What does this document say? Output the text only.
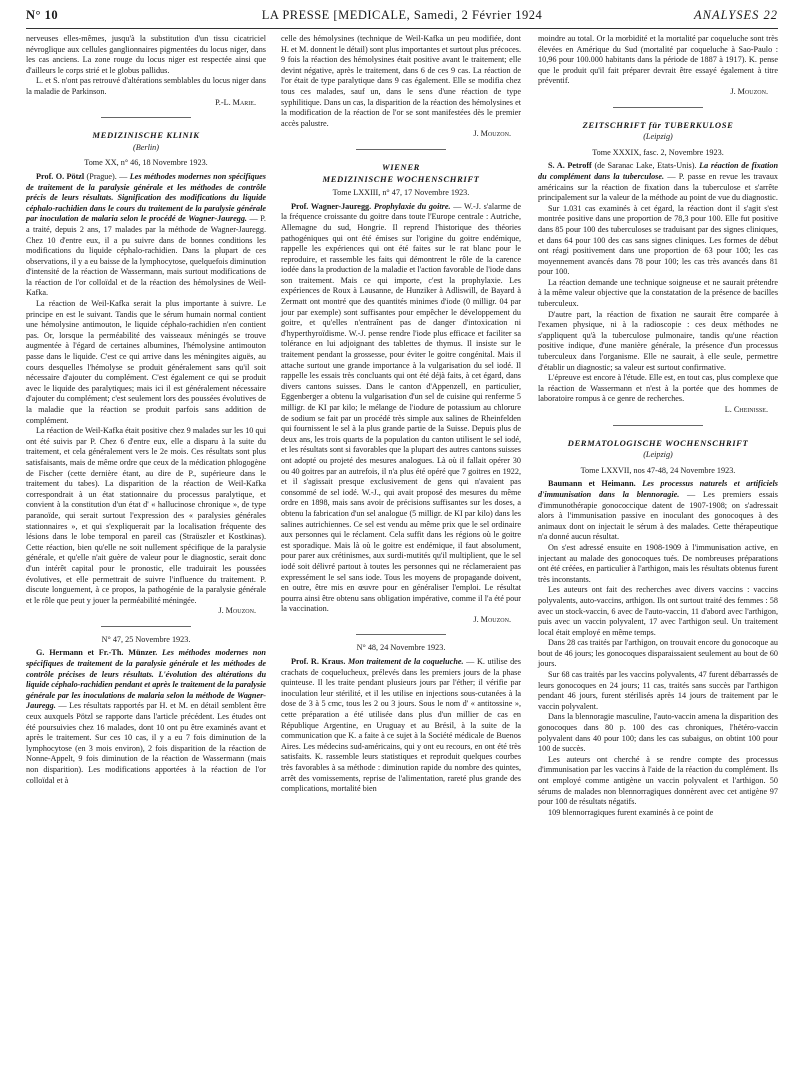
N° 10	LA PRESSE [MEDICALE, Samedi, 2 Février 1924	ANALYSES 22

nerveuses elles-mêmes, jusqu'à la substitution d'un tissu cicatriciel névroglique aux cellules ganglionnaires pigmentées du locus niger, dans les cas anciens. La zone rouge du locus niger est respectée ainsi que d'ailleurs le corps strié et le globus pallidus.

L. et S. n'ont pas retrouvé d'altérations semblables du locus niger dans la maladie de Parkinson.

P.-L. Marie.
MEDIZINISCHE KLINIK
(Berlin)
Tome XX, n° 46, 18 Novembre 1923.

Prof. O. Pötzl (Prague). — Les méthodes modernes non spécifiques de traitement de la paralysie générale et les méthodes de contrôle précis de leurs résultats. Signification des modifications du liquide céphalo-rachidien dans le cours du traitement de la paralysie générale par inoculation de malaria selon le procédé de Wagner-Jauregg. — P. a traité, depuis 2 ans, 17 malades par la méthode de Wagner-Jauregg. Chez 10 d'entre eux, il a pu suivre dans de bonnes conditions les modifications du liquide céphalo-rachidien. Dans la plupart de ces observations, il y a eu baisse de la lymphocytose, quelquefois diminution d'intensité de la réaction de Wassermann, mais surtout modifications de la réaction de l'or colloïdal et de la réaction des hémolysines de Weil-Kafka.

La réaction de Weil-Kafka serait la plus importante à suivre. Le principe en est le suivant. Tandis que le sérum humain normal contient une hémolysine antimouton, le liquide céphalo-rachidien n'en contient pas. Or, lorsque la perméabilité des vaisseaux méningés se trouve augmentée à l'égard de certaines albumines, l'hémolysine antimouton passe dans le liquide. C'est ce qui arrive dans les méningites aiguës, au cours desquelles l'hémolyse se produit généralement sans qu'il soit nécessaire d'ajouter du complément. C'est également ce qui se produit avec le liquide des paralytiques; mais ici il est généralement nécessaire d'ajouter du complément; c'est seulement lors des poussées évolutives de la maladie que la réaction se produit parfois sans addition de complément.

La réaction de Weil-Kafka était positive chez 9 malades sur les 10 qui ont été suivis par P. Chez 6 d'entre eux, elle a disparu à la suite du traitement, et cela généralement vers le 2e mois. Ces résultats sont plus satisfaisants, mais de même ordre que ceux de la médication phlogogène de Fischer (cette dernière étant, au dire de P., supérieure dans le traitement du tabes). La disparition de la réaction de Weil-Kafka correspondrait à un état stationnaire du processus paralytique, et convient à la constitution d'un état d' « hallucinose chronique », de type paranoïde, qui serait surtout l'expression des « paralysies générales stationnaires », et qui s'expliquerait par la localisation fréquente des lésions dans le lobe temporal en pareil cas (Straüszler et Kostkinas). Cette réaction, bien qu'elle ne soit nullement spécifique de la paralysie générale, et qu'elle n'ait guère de valeur pour le diagnostic, serait donc d'un intérêt capital pour le pronostic, elle traduirait les poussées évolutives, et elle permettrait de suivre l'influence du traitement. P. discute longuement, à ce propos, la pathogénie de la paralysie générale et le rôle que peut y jouer la perméabilité méningée.

J. Mouzon.
N° 47, 25 Novembre 1923.

G. Hermann et Fr.-Th. Münzer. Les méthodes modernes non spécifiques de traitement de la paralysie générale et les méthodes de contrôle précises de leurs résultats. L'évolution des altérations du liquide céphalo-rachidien pendant et après le traitement de la paralysie générale par les inoculations de malaria selon la méthode de Wagner-Jauregg. — Les résultats rapportés par H. et M. en détail semblent être ceux auxquels Pötzl se rapporte dans l'article précédent. Les études ont été poursuivies chez 16 malades, dont 10 ont pu être examinés avant et après le traitement. Sur ces 10 cas, il y a eu 7 fois diminution de la lymphocytose (en 3 mois environ), 2 fois disparition de la réaction de Nonne-Appelt, 9 fois diminution de la réaction de Wassermann (mais non disparition). Les modifications apportées à la réaction de l'or colloïdal et à

celle des hémolysines (technique de Weil-Kafka un peu modifiée, dont H. et M. donnent le détail) sont plus importantes et surtout plus précoces. 9 fois la réaction des hémolysines était positive avant le traitement; elle devint négative, après le traitement, dans 6 de ces 9 cas. La réaction de l'or était de type paralytique dans 9 cas également. Elle se modifia chez tous ces malades, sauf un, dans le sens d'une réaction de type syphilitique. Dans un cas, la disparition de la réaction des hémolysines et la modification de la réaction de l'or se sont manifestées dès le premier accès palustre.

J. Mouzon.
WIENER
MEDIZINISCHE WOCHENSCHRIFT
Tome LXXIII, n° 47, 17 Novembre 1923.

Prof. Wagner-Jauregg. Prophylaxie du goitre. — W.-J. s'alarme de la fréquence croissante du goitre dans toute l'Europe centrale : Autriche, Allemagne du sud, Hongrie. Il reprend l'historique des théories pathogéniques qui ont été émises sur l'origine du goitre endémique, rappelle les expériences qui ont été faites sur le rat blanc pour le reproduire, et rassemble les faits qui démontrent le rôle de la carence iodée dans la production de la maladie et l'action favorable de l'iode dans son traitement. Mais ce qui importe, c'est la prophylaxie. Les expériences de Roux à Lausanne, de Hunziker à Adliswill, de Bayard à Zermatt ont montré que des quantités minimes d'iode (0 milligr. 04 par jour par exemple) sont suffisantes pour empêcher le développement du goitre, et qu'elles n'entraînent pas de danger d'intoxication ni d'hyperthyroïdisme. W.-J. pense rendre l'iode plus efficace et faciliter sa tolérance en lui adjoignant des tablettes de thymus. Il insiste sur le traitement pendant la grossesse, pour éviter le goitre congénital. Mais il attache surtout une grande importance à la vulgarisation du sel iodé. Il rappelle les essais très concluants qui ont été déjà faits, à cet égard, dans divers cantons suisses. Dans le canton d'Appenzell, en particulier, Eggenberger a obtenu la vulgarisation d'un sel de cuisine qui renferme 5 milligr. de KI par kilo; le mélange de l'iodure de potassium au chlorure de sodium se fait par un procédé très simple aux salines de Rheinfelden qui fournissent le sel à la plus grande partie de la Suisse. Depuis plus de deux ans, les trois quarts de la population du canton utilisent le sel iodé, et les résultats sont si favorables que la plupart des autres cantons suisses ont adopté ou projeté des mesures analogues. Là où il fallait opérer 30 ou 40 goitres par an autrefois, il n'a plus été opéré que 7 goitres en 1922, et il s'agissait presque exclusivement de gens qui n'avaient pas consommé de sel iodé. W.-J., qui avait proposé des mesures du même ordre en 1898, mais sans avoir de précisions suffisantes sur les doses, a obtenu la fabrication d'un sel analogue (5 milligr. de KI par kilo) dans les salines autrichiennes. Ce sel est vendu au même prix que le sel ordinaire aux personnes qui le réclament. Cela suffit dans les régions où le goitre est sporadique. Mais là où le goitre est endémique, il faut absolument, pour parer aux crétinismes, aux surdi-mutités qu'il multiplient, que le sel iodé soit délivré partout à toutes les personnes qui ne réclameraient pas expressément le sel sans iode. Tous les moyens de propagande doivent, en outre, être mis en œuvre pour en généraliser l'emploi. Le résultat pourra ainsi être obtenu sans obligation impérative, comme il l'a été pour la vaccination.

J. Mouzon.
N° 48, 24 Novembre 1923.

Prof. R. Kraus. Mon traitement de la coqueluche. — K. utilise des crachats de coquelucheux, prélevés dans les premiers jours de la phase quinteuse. Il les traite pendant plusieurs jours par l'éther; il vérifie par inoculation leur stérilité, et il les utilise en injections sous-cutanées à la dose de 3 à 5 cmc, tous les 2 ou 3 jours. Sous le nom d' « antitossine », cette préparation a été utilisée dans plus d'un millier de cas en République Argentine, en Uruguay et au Brésil, à la suite de la communication que K. a faite à ce sujet à la Société médicale de Buenos Aires. Les médecins sud-américains, qui y ont eu recours, en ont été très satisfaits. K. rassemble leurs statistiques et reproduit quelques courbes très favorables à sa méthode : diminution rapide du nombre des quintes, arrêt des vomissements, reprise de l'alimentation, rareté plus grande des complications, mortalité bien

moindre au total. Or la morbidité et la mortalité par coqueluche sont très élevées en Amérique du Sud (mortalité par coqueluche à Sao-Paulo : 10,96 pour 100.000 habitants dans la période de 1887 à 1917). K. pense que le produit qu'il fait préparer devrait être essayé également à titre préventif.

J. Mouzon.
ZEITSCHRIFT für TUBERKULOSE
(Leipzig)
Tome XXXIX, fasc. 2, Novembre 1923.

S. A. Petroff (de Saranac Lake, Etats-Unis). La réaction de fixation du complément dans la tuberculose. — P. passe en revue les travaux américains sur la réaction de fixation dans la tuberculose et s'arrête principalement sur la valeur de la méthode au point de vue du diagnostic.

Sur 1.031 cas examinés à cet égard, la réaction dont il s'agit s'est montrée positive dans une proportion de 78,3 pour 100. Elle fut positive dans 85 pour 100 des tuberculoses se traduisant par des signes cliniques, et dans 64 pour 100 des cas sans signes cliniques. Les formes de début ont réagi positivement dans une proportion de 63 pour 100; les cas moyennement avancés dans 78 pour 100; les cas très avancés dans 81 pour 100.

La réaction demande une technique soigneuse et ne saurait prétendre à la même valeur objective que la constatation de la présence de bacilles tuberculeux.

D'autre part, la réaction de fixation ne saurait être comparée à l'examen physique, ni à la radioscopie : ces deux méthodes ne s'appliquent qu'à la tuberculose pulmonaire, tandis qu'une réaction positive indique, d'une manière générale, la présence d'un processus tuberculeux dans l'organisme. Elle ne saurait, à elle seule, permettre d'établir un diagnostic; sa valeur est surtout confirmative.

L'épreuve est encore à l'étude. Elle est, en tout cas, plus complexe que la réaction de Wassermann et n'est à la portée que des hommes de laboratoire rompus à ce genre de recherches.

L. Cheinisse.
DERMATOLOGISCHE WOCHENSCHRIFT
(Leipzig)
Tome LXXVII, nos 47-48, 24 Novembre 1923.

Baumann et Heimann. Les processus naturels et artificiels d'immunisation dans la blennoragie. — Les premiers essais d'immunothérapie gonococcique datent de 1907-1908; on s'adressait alors à l'immunisation passive en inoculant des gonocoques à des animaux dont on injectait le sérum à des malades. Cette thérapeutique n'a donné aucun résultat.

On s'est adressé ensuite en 1908-1909 à l'immunisation active, en injectant au malade des gonocoques tués. De nombreuses préparations ont été créées, en particulier à l'arthigon, mais les résultats obtenus furent très inconstants.

Les auteurs ont fait des recherches avec divers vaccins : vaccins polyvalents, auto-vaccins, arthigon. Ils ont surtout traité des femmes : 58 avec un stock-vaccin, 6 avec de l'auto-vaccin, 11 d'abord avec l'arthigon, puis avec un vaccin polyvalent, 17 avec l'arthigon seul. Un traitement local était employé en même temps.

Dans 28 cas traités par l'arthigon, on trouvait encore du gonocoque au bout de 46 jours; les gonocoques disparaissaient seulement au bout de 60 jours.

Sur 68 cas traités par les vaccins polyvalents, 47 furent débarrassés de leurs gonocoques en 24 jours; 11 cas, traités sans succès par l'arthigon pendant 46 jours, furent stérilisés après 14 jours de traitement par le vaccin polyvalent.

Dans la blennoragie masculine, l'auto-vaccin amena la disparition des gonocoques dans 80 p. 100 des cas chroniques, l'hétéro-vaccin polyvalent dans 40 pour 100; dans les cas subaigus, on obtint 100 pour 100 de succès.

Les auteurs ont cherché à se rendre compte des processus d'immunisation par les vaccins à l'aide de la réaction du complément. Ils ont employé comme antigène un vaccin polyvalent et l'arthigon. 50 sérums de malades non blennorragiques donnèrent avec cet antigène 97 pour 100 de résultats négatifs.

109 blennorragiques furent examinés à ce point de
